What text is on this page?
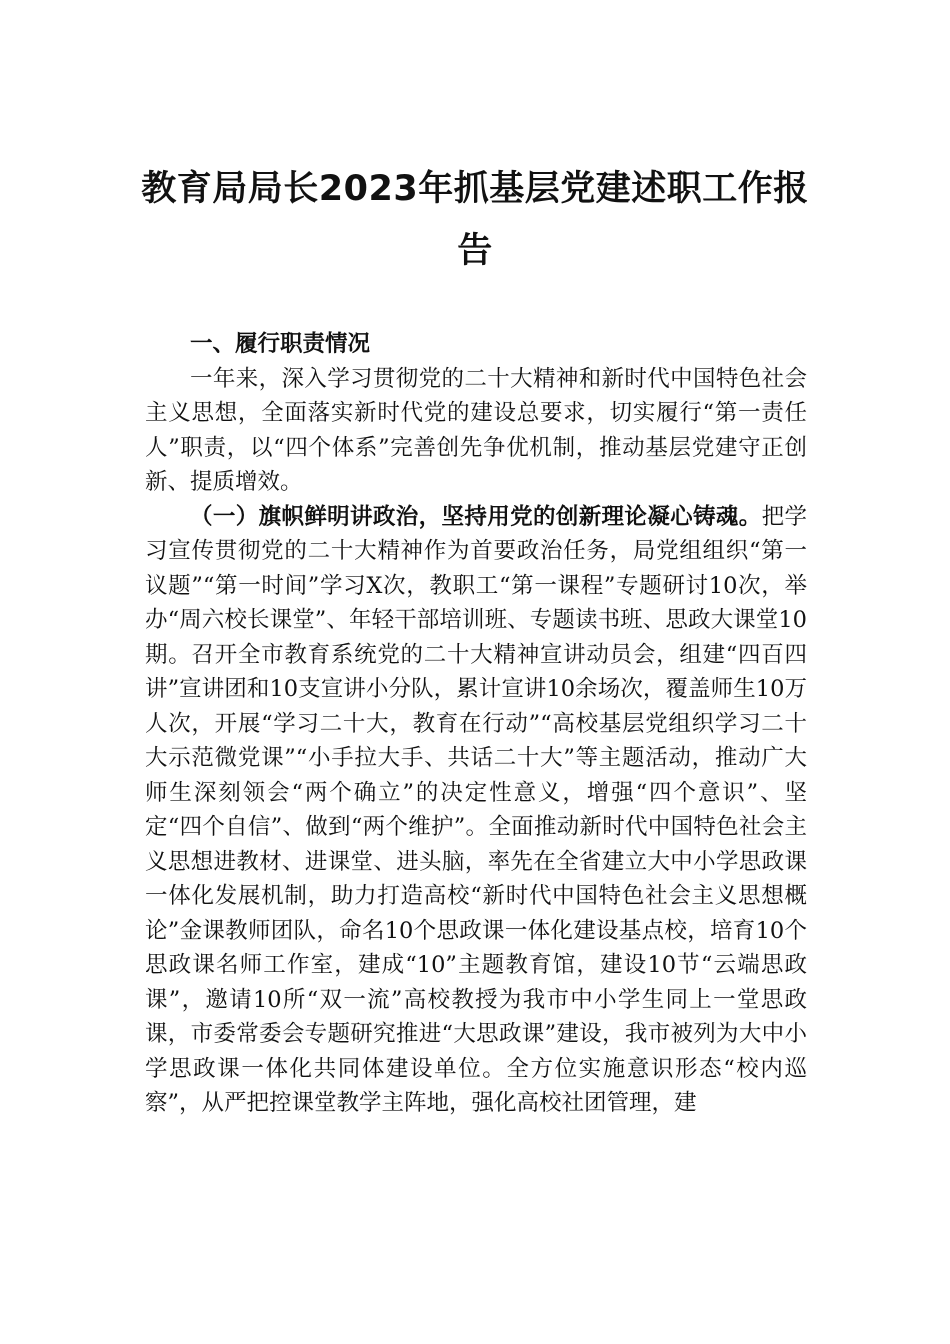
教育局局长2023年抓基层党建述职工作报告

一、履行职责情况

一年来，深入学习贯彻党的二十大精神和新时代中国特色社会主义思想，全面落实新时代党的建设总要求，切实履行“第一责任人”职责，以“四个体系”完善创先争优机制，推动基层党建守正创新、提质增效。

（一）旗帜鲜明讲政治，坚持用党的创新理论凝心铸魂。把学习宣传贯彻党的二十大精神作为首要政治任务，局党组组织“第一议题”“第一时间”学习X次，教职工“第一课程”专题研讨10次，举办“周六校长课堂”、年轻干部培训班、专题读书班、思政大课堂10期。召开全市教育系统党的二十大精神宣讲动员会，组建“四百四讲”宣讲团和10支宣讲小分队，累计宣讲10余场次，覆盖师生10万人次，开展“学习二十大，教育在行动”“高校基层党组织学习二十大示范微党课”“小手拉大手、共话二十大”等主题活动，推动广大师生深刻领会“两个确立”的决定性意义，增强“四个意识”、坚定“四个自信”、做到“两个维护”。全面推动新时代中国特色社会主义思想进教材、进课堂、进头脑，率先在全省建立大中小学思政课一体化发展机制，助力打造高校“新时代中国特色社会主义思想概论”金课教师团队，命名10个思政课一体化建设基点校，培育10个思政课名师工作室，建成“10”主题教育馆，建设10节“云端思政课”，邀请10所“双一流”高校教授为我市中小学生同上一堂思政课，市委常委会专题研究推进“大思政课”建设，我市被列为大中小学思政课一体化共同体建设单位。全方位实施意识形态“校内巡察”，从严把控课堂教学主阵地，强化高校社团管理，建
